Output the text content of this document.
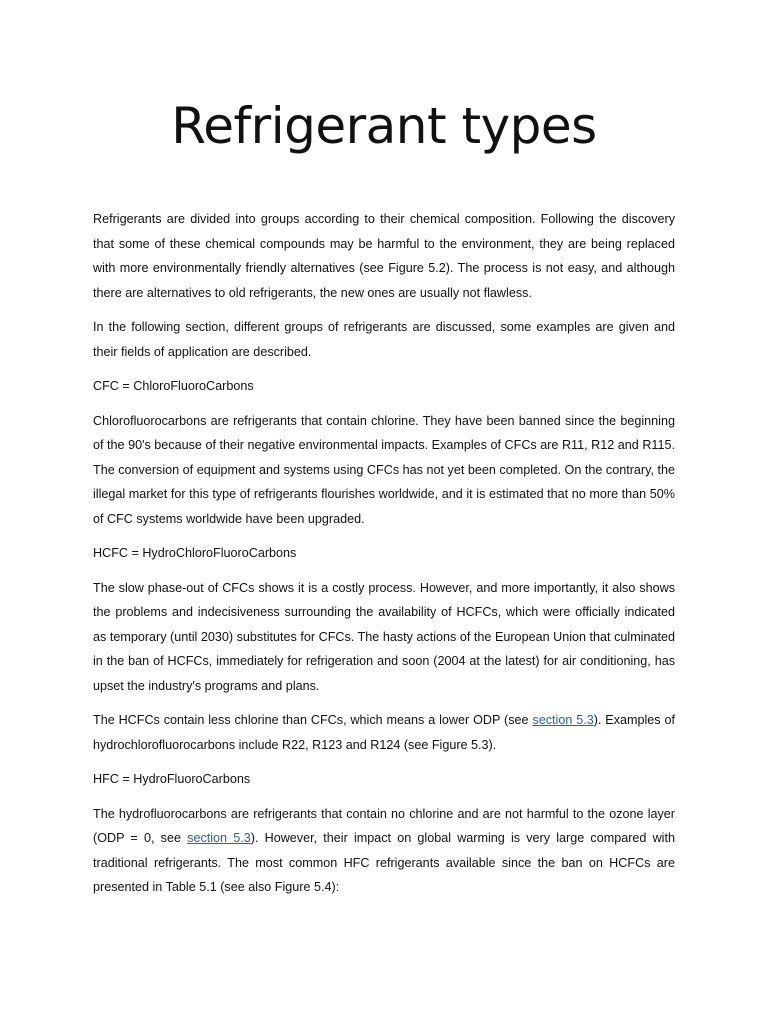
Refrigerant types

Refrigerants are divided into groups according to their chemical composition. Following the discovery that some of these chemical compounds may be harmful to the environment, they are being replaced with more environmentally friendly alternatives (see Figure 5.2). The process is not easy, and although there are alternatives to old refrigerants, the new ones are usually not flawless.

In the following section, different groups of refrigerants are discussed, some examples are given and their fields of application are described.

CFC = ChloroFluoroCarbons

Chlorofluorocarbons are refrigerants that contain chlorine. They have been banned since the beginning of the 90's because of their negative environmental impacts. Examples of CFCs are R11, R12 and R115. The conversion of equipment and systems using CFCs has not yet been completed. On the contrary, the illegal market for this type of refrigerants flourishes worldwide, and it is estimated that no more than 50% of CFC systems worldwide have been upgraded.

HCFC = HydroChloroFluoroCarbons

The slow phase-out of CFCs shows it is a costly process. However, and more importantly, it also shows the problems and indecisiveness surrounding the availability of HCFCs, which were officially indicated as temporary (until 2030) substitutes for CFCs. The hasty actions of the European Union that culminated in the ban of HCFCs, immediately for refrigeration and soon (2004 at the latest) for air conditioning, has upset the industry's programs and plans.

The HCFCs contain less chlorine than CFCs, which means a lower ODP (see section 5.3). Examples of hydrochlorofluorocarbons include R22, R123 and R124 (see Figure 5.3).

HFC = HydroFluoroCarbons

The hydrofluorocarbons are refrigerants that contain no chlorine and are not harmful to the ozone layer (ODP = 0, see section 5.3). However, their impact on global warming is very large compared with traditional refrigerants. The most common HFC refrigerants available since the ban on HCFCs are presented in Table 5.1 (see also Figure 5.4):
